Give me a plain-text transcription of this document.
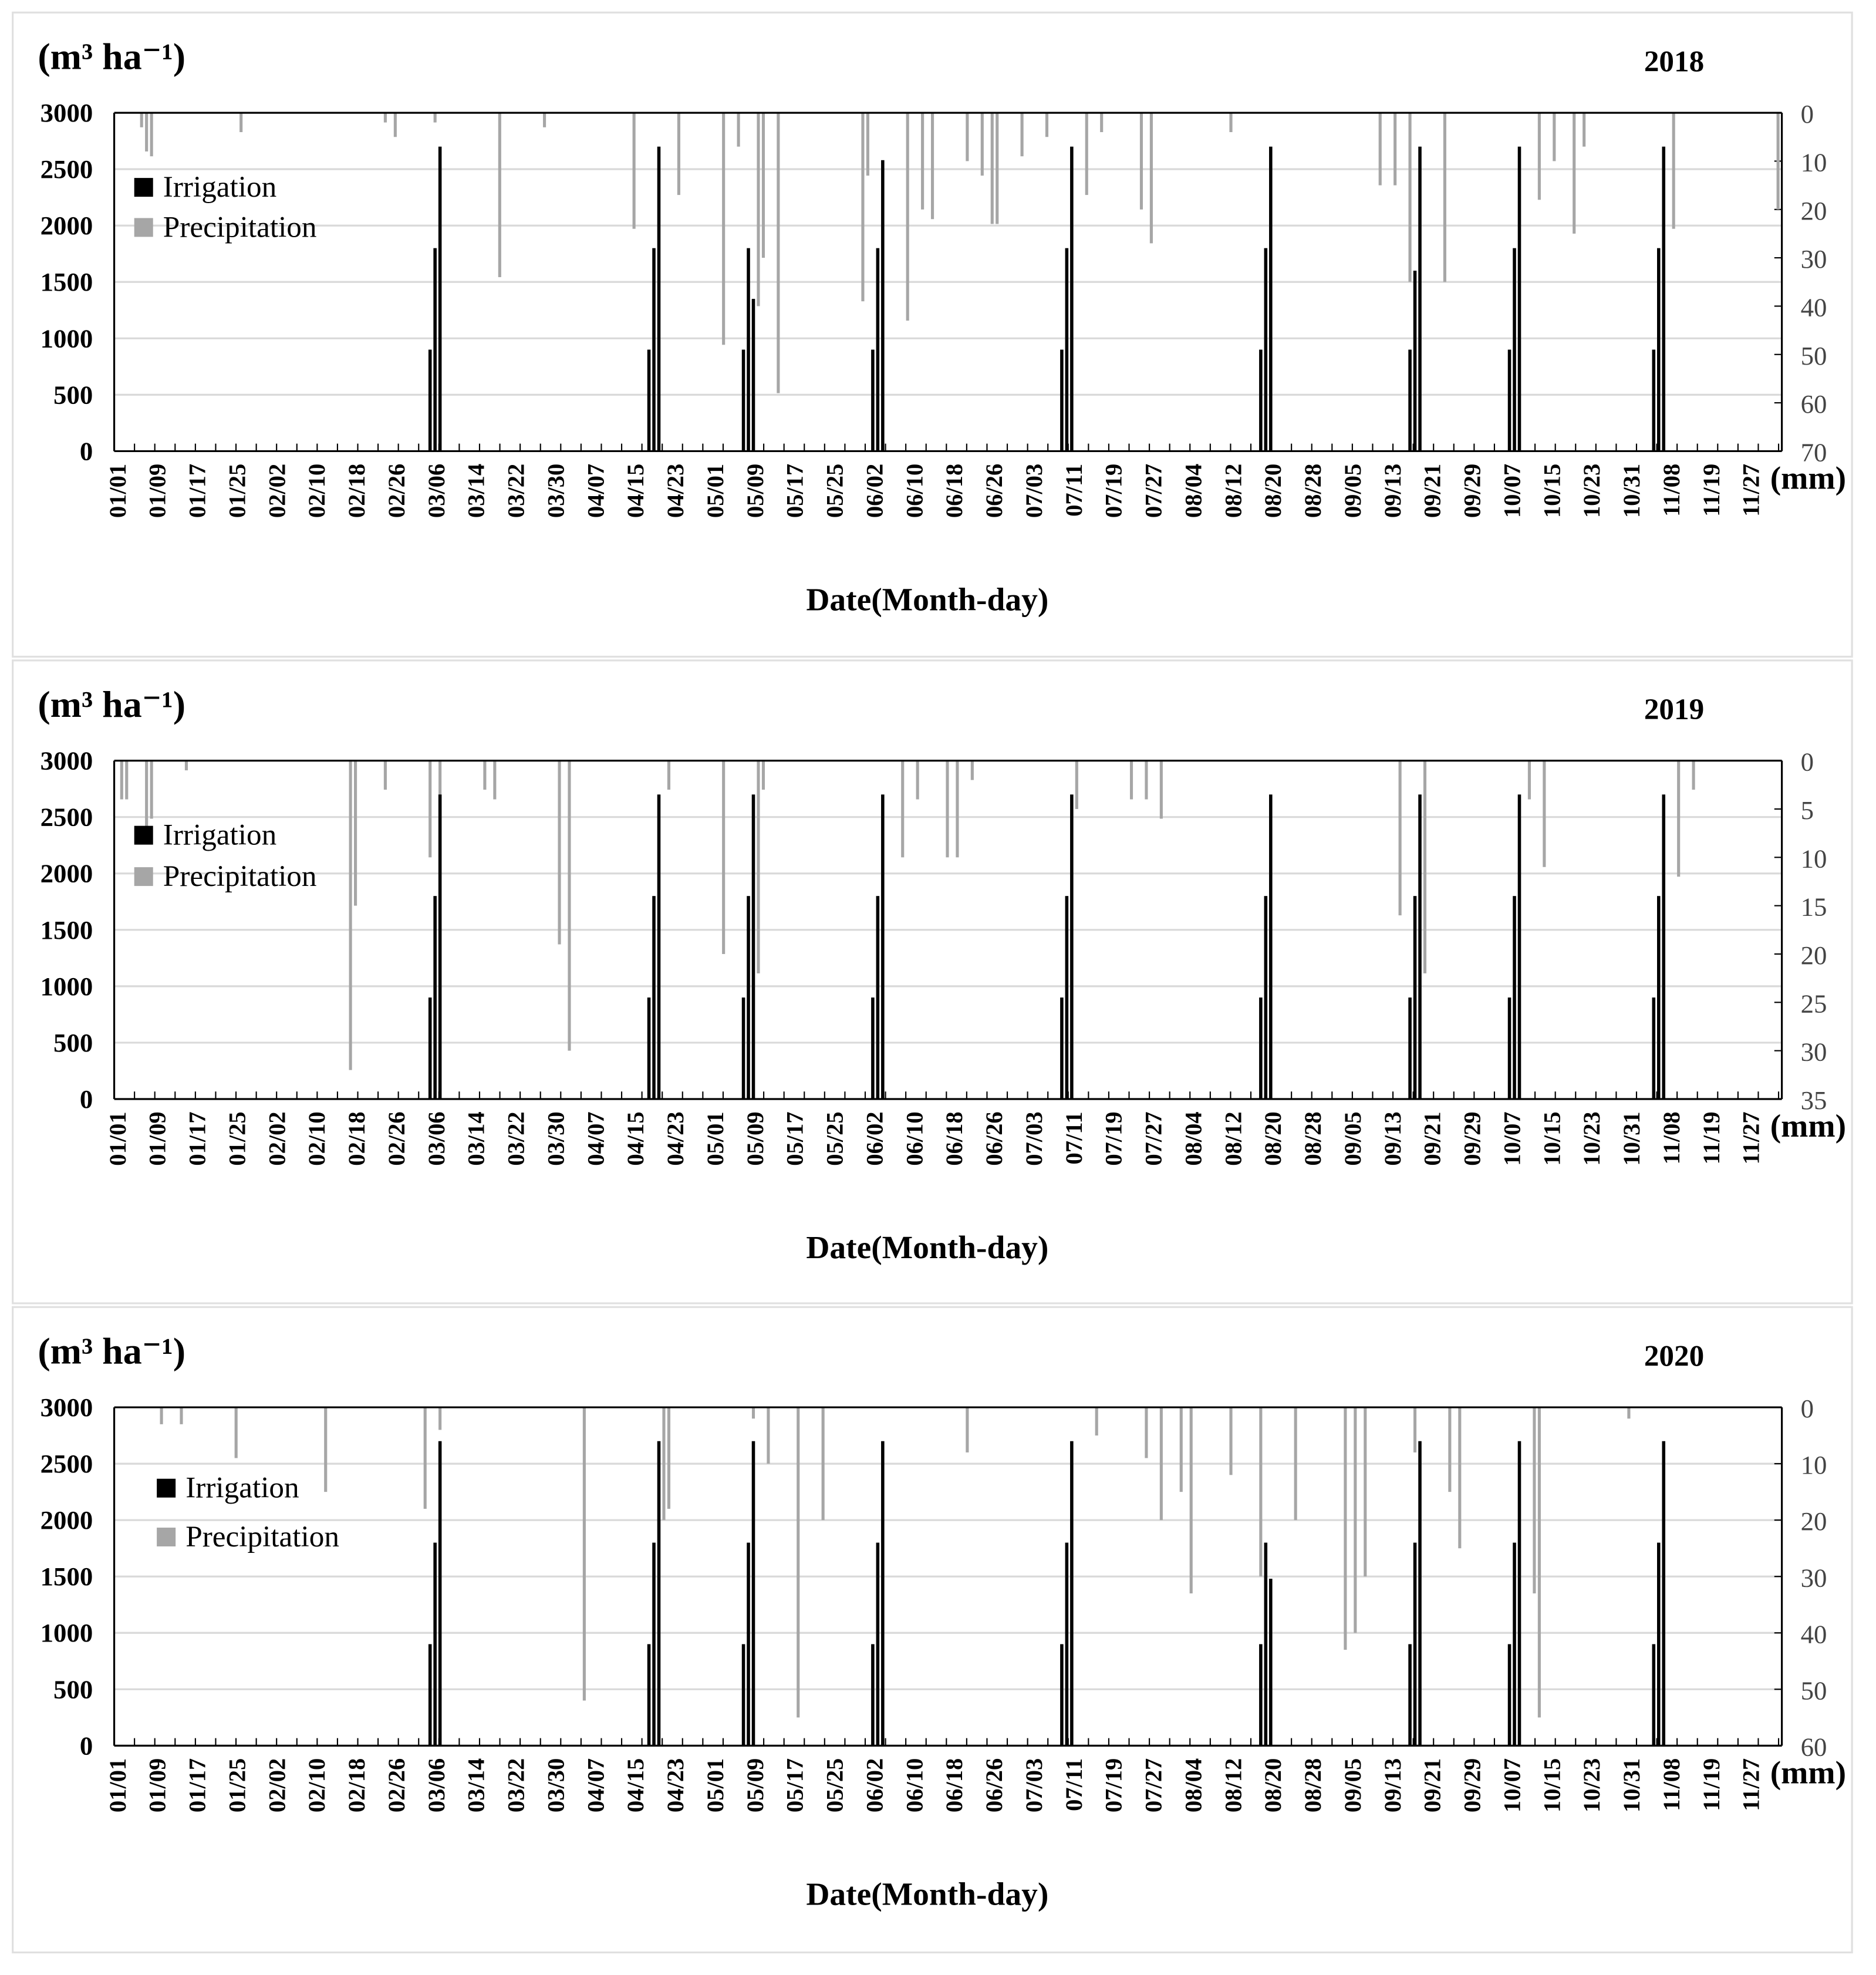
(m³ ha⁻¹)	2018
(mm)
Date(Month-day)
0
500
1000
1500
2000
2500
3000	0
10
20
30
40
50
60
70
01/01 01/09 01/17 01/25 02/02 02/10 02/18 02/26 03/06 03/14 03/22 03/30 04/07 04/15 04/23 05/01 05/09 05/17 05/25 06/02 06/10 06/18 06/26 07/03 07/11 07/19 07/27 08/04 08/12 08/20 08/28 09/05 09/13 09/21 09/29 10/07 10/15 10/23 10/31 11/08 11/19 11/27
Irrigation
Precipitation
(m³ ha⁻¹)	2019
(mm)
Date(Month-day)
0
500
1000
1500
2000
2500
3000	0
5
10
15
20
25
30
35
01/01 01/09 01/17 01/25 02/02 02/10 02/18 02/26 03/06 03/14 03/22 03/30 04/07 04/15 04/23 05/01 05/09 05/17 05/25 06/02 06/10 06/18 06/26 07/03 07/11 07/19 07/27 08/04 08/12 08/20 08/28 09/05 09/13 09/21 09/29 10/07 10/15 10/23 10/31 11/08 11/19 11/27
Irrigation
Precipitation
(m³ ha⁻¹)	2020
(mm)
Date(Month-day)
0
500
1000
1500
2000
2500
3000	0
10
20
30
40
50
60
01/01 01/09 01/17 01/25 02/02 02/10 02/18 02/26 03/06 03/14 03/22 03/30 04/07 04/15 04/23 05/01 05/09 05/17 05/25 06/02 06/10 06/18 06/26 07/03 07/11 07/19 07/27 08/04 08/12 08/20 08/28 09/05 09/13 09/21 09/29 10/07 10/15 10/23 10/31 11/08 11/19 11/27
Irrigation
Precipitation
